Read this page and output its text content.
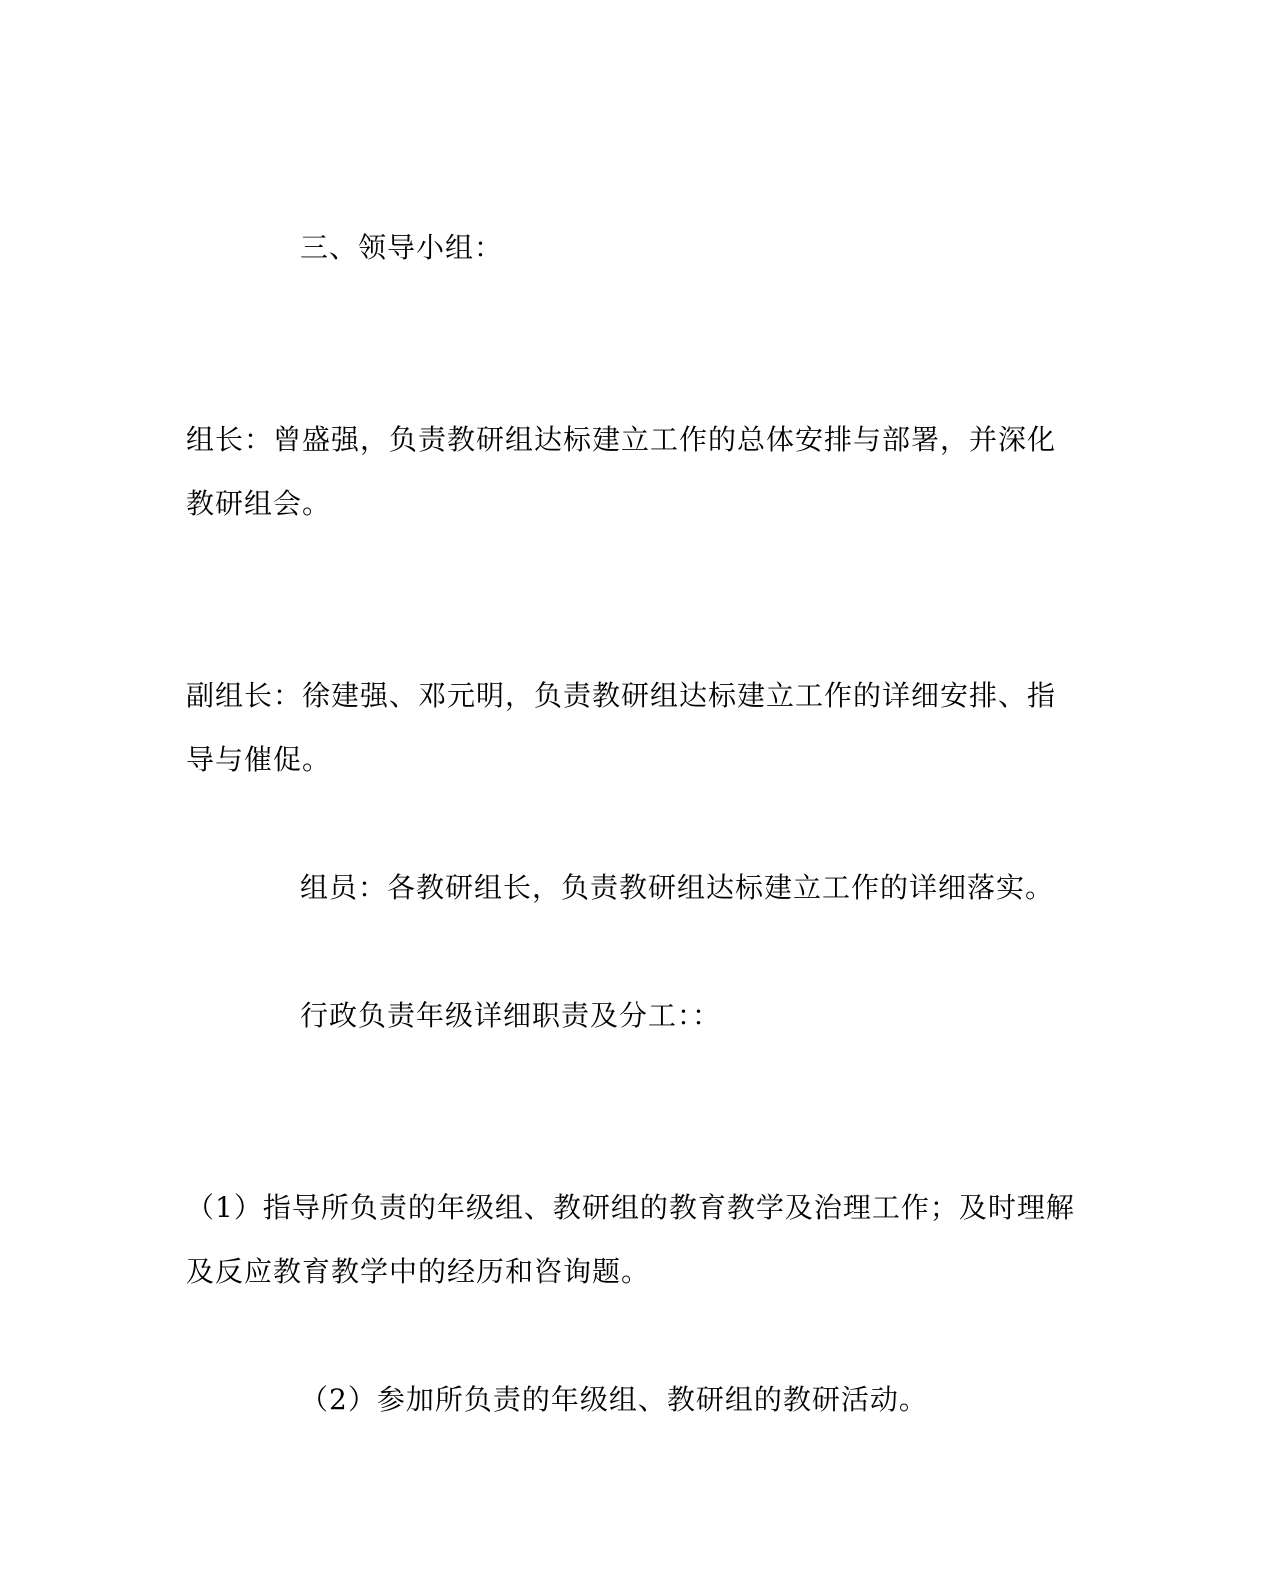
三、领导小组：
组长：曾盛强，负责教研组达标建立工作的总体安排与部署，并深化
教研组会。
副组长：徐建强、邓元明，负责教研组达标建立工作的详细安排、指
导与催促。
组员：各教研组长，负责教研组达标建立工作的详细落实。
行政负责年级详细职责及分工：：
（1）指导所负责的年级组、教研组的教育教学及治理工作；及时理解
及反应教育教学中的经历和咨询题。
（2）参加所负责的年级组、教研组的教研活动。
